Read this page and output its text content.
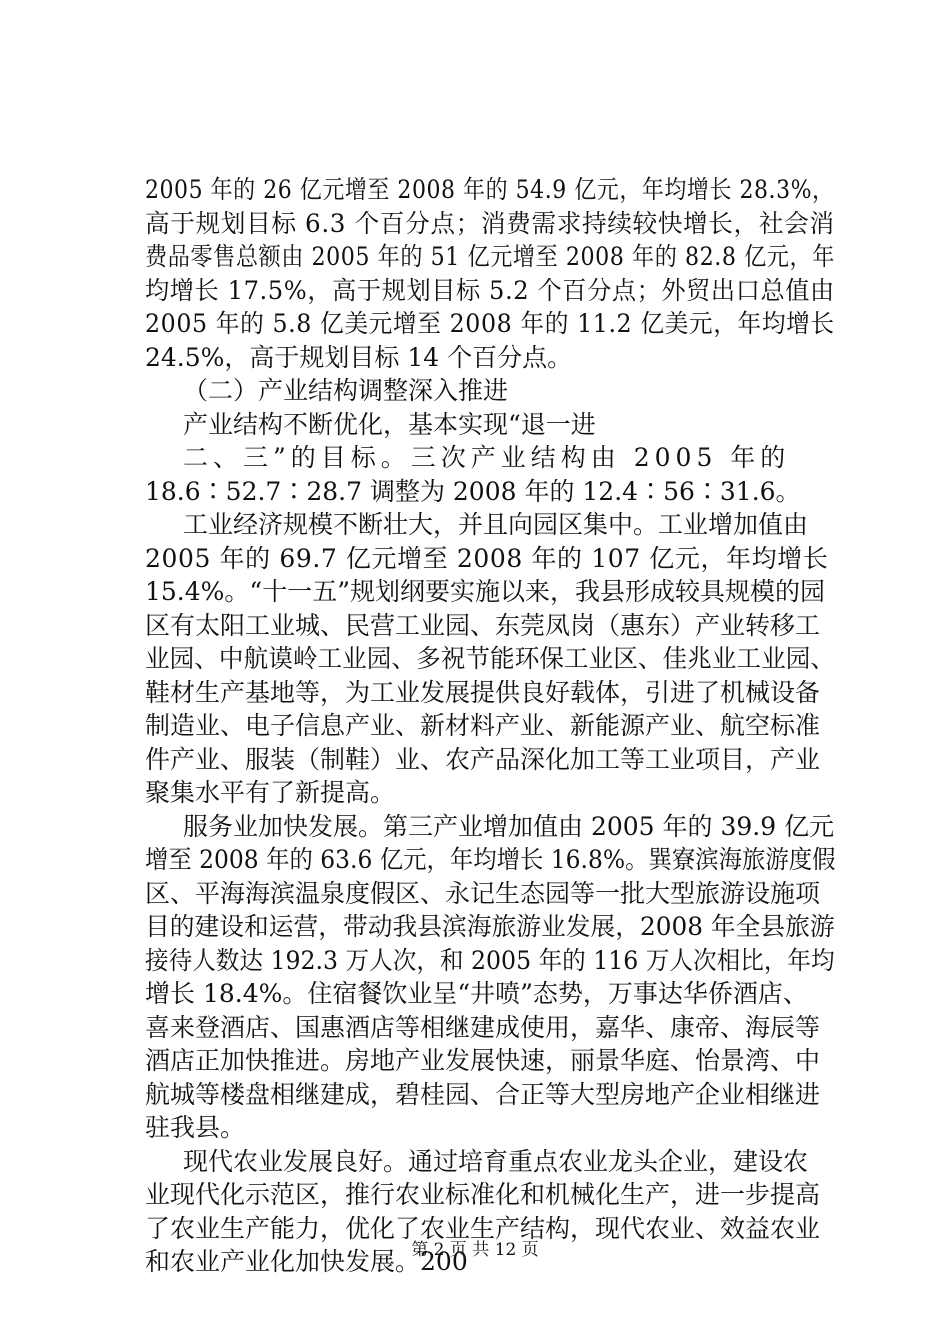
2005 年的 26 亿元增至 2008 年的 54.9 亿元，年均增长 28.3%，
高于规划目标 6.3 个百分点；消费需求持续较快增长，社会消
费品零售总额由 2005 年的 51 亿元增至 2008 年的 82.8 亿元，年
均增长 17.5%，高于规划目标 5.2 个百分点；外贸出口总值由
2005 年的 5.8 亿美元增至 2008 年的 11.2 亿美元，年均增长
24.5%，高于规划目标 14 个百分点。
（二）产业结构调整深入推进
产业结构不断优化，基本实现“退一进
二、三”的目标。三次产业结构由 2005 年的
18.6∶52.7∶28.7 调整为 2008 年的 12.4∶56∶31.6。
工业经济规模不断壮大，并且向园区集中。工业增加值由
2005 年的 69.7 亿元增至 2008 年的 107 亿元，年均增长
15.4%。“十一五”规划纲要实施以来，我县形成较具规模的园
区有太阳工业城、民营工业园、东莞凤岗（惠东）产业转移工
业园、中航谟岭工业园、多祝节能环保工业区、佳兆业工业园、
鞋材生产基地等，为工业发展提供良好载体，引进了机械设备
制造业、电子信息产业、新材料产业、新能源产业、航空标准
件产业、服装（制鞋）业、农产品深化加工等工业项目，产业
聚集水平有了新提高。
服务业加快发展。第三产业增加值由 2005 年的 39.9 亿元
增至 2008 年的 63.6 亿元，年均增长 16.8%。巽寮滨海旅游度假
区、平海海滨温泉度假区、永记生态园等一批大型旅游设施项
目的建设和运营，带动我县滨海旅游业发展，2008 年全县旅游
接待人数达 192.3 万人次，和 2005 年的 116 万人次相比，年均
增长 18.4%。住宿餐饮业呈“井喷”态势，万事达华侨酒店、
喜来登酒店、国惠酒店等相继建成使用，嘉华、康帝、海辰等
酒店正加快推进。房地产业发展快速，丽景华庭、怡景湾、中
航城等楼盘相继建成，碧桂园、合正等大型房地产企业相继进
驻我县。
现代农业发展良好。通过培育重点农业龙头企业，建设农
业现代化示范区，推行农业标准化和机械化生产，进一步提高
了农业生产能力，优化了农业生产结构，现代农业、效益农业
和农业产业化加快发展。200
第 2 页 共 12 页
